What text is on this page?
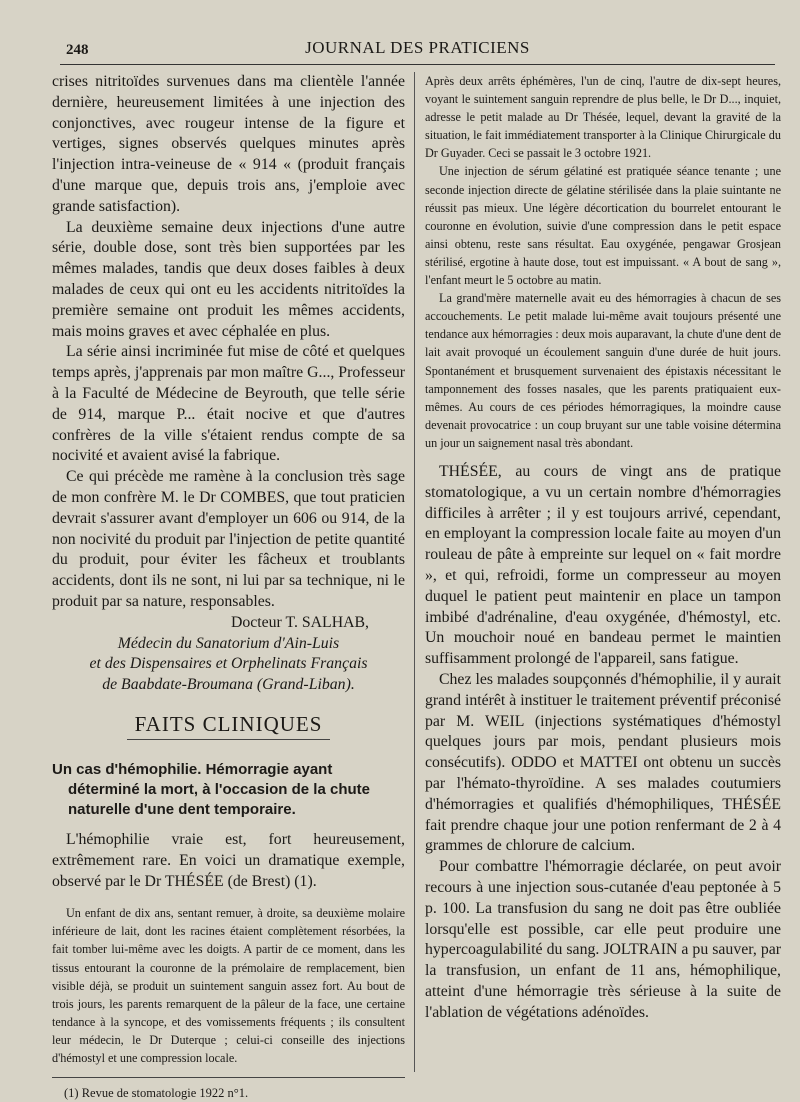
248	JOURNAL DES PRATICIENS

crises nitritoïdes survenues dans ma clientèle l'année dernière, heureusement limitées à une injection des conjonctives, avec rougeur intense de la figure et vertiges, signes observés quelques minutes après l'injection intra-veineuse de « 914 « (produit français d'une marque que, depuis trois ans, j'emploie avec grande satisfaction).

La deuxième semaine deux injections d'une autre série, double dose, sont très bien supportées par les mêmes malades, tandis que deux doses faibles à deux malades de ceux qui ont eu les accidents nitritoïdes la première semaine ont produit les mêmes accidents, mais moins graves et avec céphalée en plus.

La série ainsi incriminée fut mise de côté et quelques temps après, j'apprenais par mon maître G..., Professeur à la Faculté de Médecine de Beyrouth, que telle série de 914, marque P... était nocive et que d'autres confrères de la ville s'étaient rendus compte de sa nocivité et avaient avisé la fabrique.

Ce qui précède me ramène à la conclusion très sage de mon confrère M. le Dr COMBES, que tout praticien devrait s'assurer avant d'employer un 606 ou 914, de la non nocivité du produit par l'injection de petite quantité du produit, pour éviter les fâcheux et troublants accidents, dont ils ne sont, ni lui par sa technique, ni le produit par sa nature, responsables.

Docteur T. SALHAB,
Médecin du Sanatorium d'Ain-Luis
et des Dispensaires et Orphelinats Français
de Baabdate-Broumana (Grand-Liban).
FAITS CLINIQUES

Un cas d'hémophilie. Hémorragie ayant déterminé la mort, à l'occasion de la chute naturelle d'une dent temporaire.

L'hémophilie vraie est, fort heureusement, extrêmement rare. En voici un dramatique exemple, observé par le Dr THÉSÉE (de Brest) (1).

Un enfant de dix ans, sentant remuer, à droite, sa deuxième molaire inférieure de lait, dont les racines étaient complètement résorbées, la fait tomber lui-même avec les doigts. A partir de ce moment, dans les tissus entourant la couronne de la prémolaire de remplacement, bien visible déjà, se produit un suintement sanguin assez fort. Au bout de trois jours, les parents remarquent de la pâleur de la face, une certaine tendance à la syncope, et des vomissements fréquents ; ils consultent leur médecin, le Dr Duterque ; celui-ci conseille des injections d'hémostyl et une compression locale.

(1) Revue de stomatologie 1922 n°1.

Après deux arrêts éphémères, l'un de cinq, l'autre de dix-sept heures, voyant le suintement sanguin reprendre de plus belle, le Dr D..., inquiet, adresse le petit malade au Dr Thésée, lequel, devant la gravité de la situation, le fait immédiatement transporter à la Clinique Chirurgicale du Dr Guyader. Ceci se passait le 3 octobre 1921.

Une injection de sérum gélatiné est pratiquée séance tenante ; une seconde injection directe de gélatine stérilisée dans la plaie suintante ne réussit pas mieux. Une légère décortication du bourrelet entourant le couronne en évolution, suivie d'une compression dans le petit espace ainsi obtenu, reste sans résultat. Eau oxygénée, pengawar Grosjean stérilisé, ergotine à haute dose, tout est impuissant. « A bout de sang », l'enfant meurt le 5 octobre au matin.

La grand'mère maternelle avait eu des hémorragies à chacun de ses accouchements. Le petit malade lui-même avait toujours présenté une tendance aux hémorragies : deux mois auparavant, la chute d'une dent de lait avait provoqué un écoulement sanguin d'une durée de huit jours. Spontanément et brusquement survenaient des épistaxis nécessitant le tamponnement des fosses nasales, que les parents pratiquaient eux-mêmes. Au cours de ces périodes hémorragiques, la moindre cause devenait provocatrice : un coup bruyant sur une table voisine détermina un jour un saignement nasal très abondant.

THÉSÉE, au cours de vingt ans de pratique stomatologique, a vu un certain nombre d'hémorragies difficiles à arrêter ; il y est toujours arrivé, cependant, en employant la compression locale faite au moyen d'un rouleau de pâte à empreinte sur lequel on « fait mordre », et qui, refroidi, forme un compresseur au moyen duquel le patient peut maintenir en place un tampon imbibé d'adrénaline, d'eau oxygénée, d'hémostyl, etc. Un mouchoir noué en bandeau permet le maintien suffisamment prolongé de l'appareil, sans fatigue.

Chez les malades soupçonnés d'hémophilie, il y aurait grand intérêt à instituer le traitement préventif préconisé par M. WEIL (injections systématiques d'hémostyl quelques jours par mois, pendant plusieurs mois consécutifs). ODDO et MATTEI ont obtenu un succès par l'hémato-thyroïdine. A ses malades coutumiers d'hémorragies et qualifiés d'hémophiliques, THÉSÉE fait prendre chaque jour une potion renfermant de 2 à 4 grammes de chlorure de calcium.

Pour combattre l'hémorragie déclarée, on peut avoir recours à une injection sous-cutanée d'eau peptonée à 5 p. 100. La transfusion du sang ne doit pas être oubliée lorsqu'elle est possible, car elle peut produire une hypercoagulabilité du sang. JOLTRAIN a pu sauver, par la transfusion, un enfant de 11 ans, hémophilique, atteint d'une hémorragie très sérieuse à la suite de l'ablation de végétations adénoïdes.
